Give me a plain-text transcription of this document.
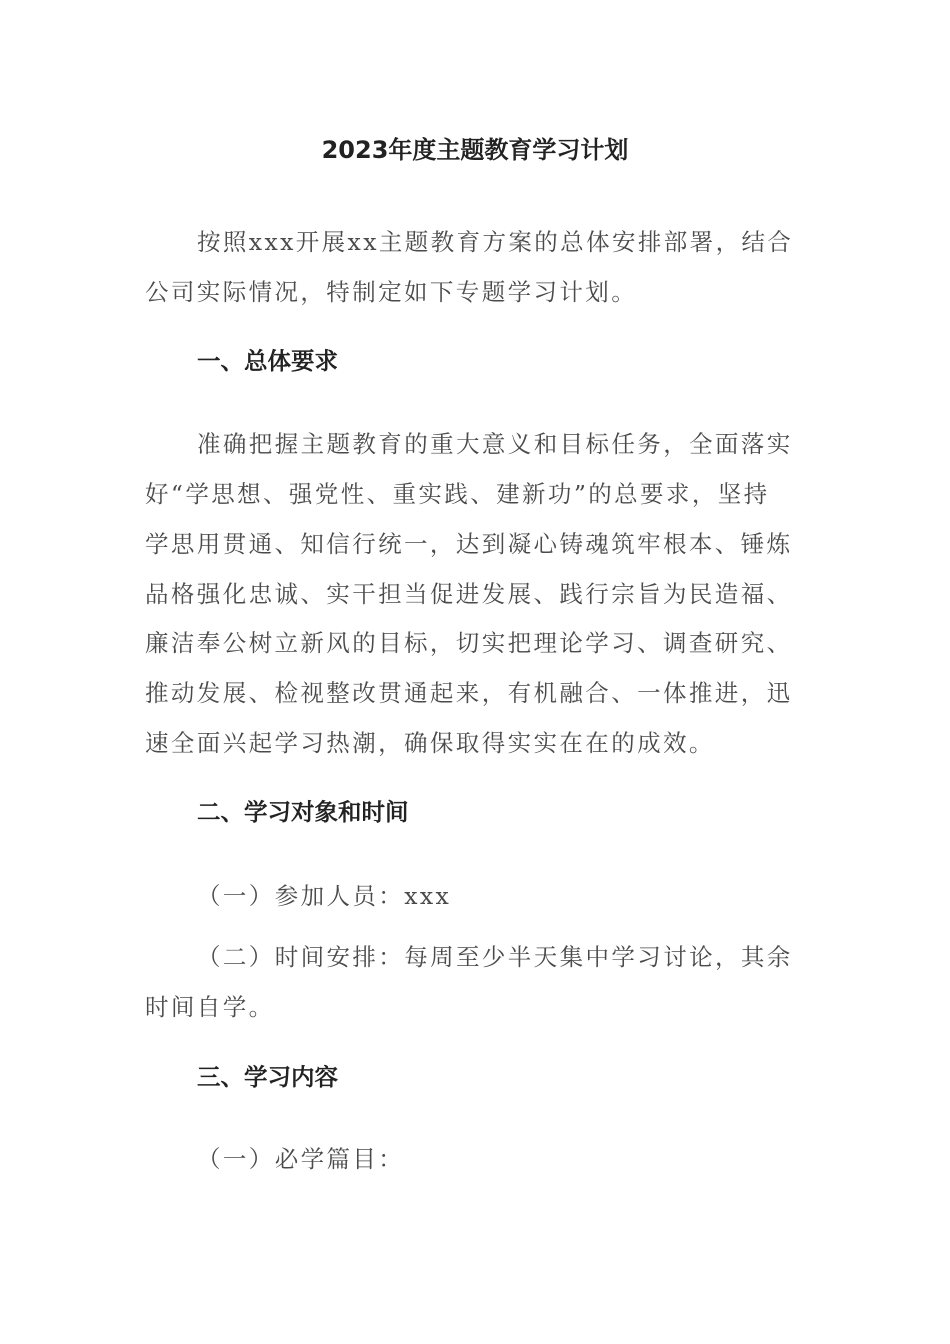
2023年度主题教育学习计划
按照xxx开展xx主题教育方案的总体安排部署，结合
公司实际情况，特制定如下专题学习计划。
一、总体要求
准确把握主题教育的重大意义和目标任务，全面落实
好“学思想、强党性、重实践、建新功”的总要求，坚持
学思用贯通、知信行统一，达到凝心铸魂筑牢根本、锤炼
品格强化忠诚、实干担当促进发展、践行宗旨为民造福、
廉洁奉公树立新风的目标，切实把理论学习、调查研究、
推动发展、检视整改贯通起来，有机融合、一体推进，迅
速全面兴起学习热潮，确保取得实实在在的成效。
二、学习对象和时间
（一）参加人员：xxx
（二）时间安排：每周至少半天集中学习讨论，其余
时间自学。
三、学习内容
（一）必学篇目：
